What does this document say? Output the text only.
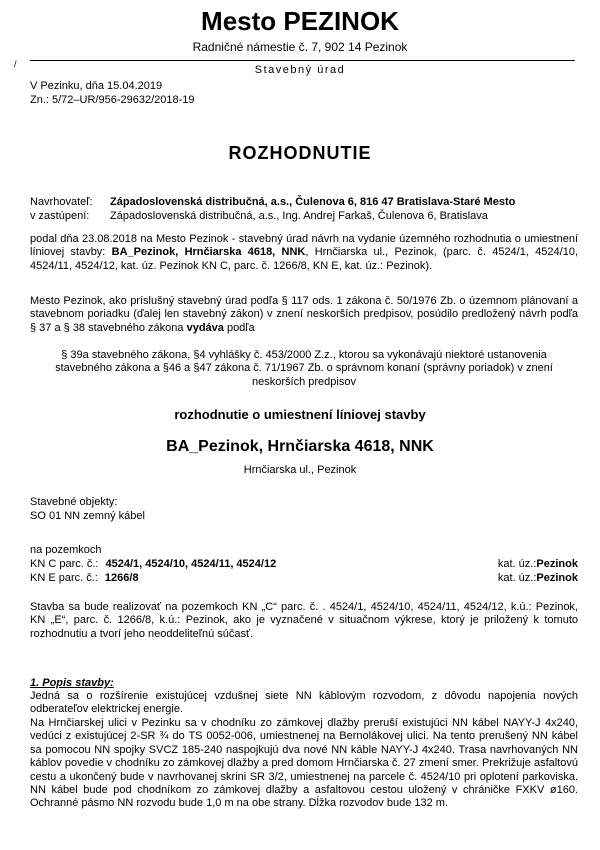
Mesto PEZINOK
Radničné námestie č. 7, 902 14 Pezinok
/	Stavebný úrad
V Pezinku, dňa 15.04.2019
Zn.: 5/72–UR/956-29632/2018-19
ROZHODNUTIE
Navrhovateľ: Západoslovenská distribučná, a.s., Čulenova 6, 816 47 Bratislava-Staré Mesto
v zastúpení: Západoslovenská distribučná, a.s., Ing. Andrej Farkaš, Čulenova 6, Bratislava
podal dňa 23.08.2018 na Mesto Pezinok - stavebný úrad návrh na vydanie územného rozhodnutia o umiestnení líniovej stavby: BA_Pezinok, Hrnčiarska 4618, NNK, Hrnčiarska ul., Pezinok, (parc. č. 4524/1, 4524/10, 4524/11, 4524/12, kat. úz. Pezinok KN C, parc. č. 1266/8, KN E, kat. úz.: Pezinok).
Mesto Pezinok, ako príslušný stavebný úrad podľa § 117 ods. 1 zákona č. 50/1976 Zb. o územnom plánovaní a stavebnom poriadku (ďalej len stavebný zákon) v znení neskorších predpisov, posúdilo predložený návrh podľa § 37 a § 38 stavebného zákona vydáva podľa
§ 39a stavebného zákona, §4 vyhlášky č. 453/2000 Z.z., ktorou sa vykonávajú niektoré ustanovenia stavebného zákona a §46 a §47 zákona č. 71/1967 Zb. o správnom konaní (správny poriadok) v znení neskorších predpisov
rozhodnutie o umiestnení líniovej stavby
BA_Pezinok, Hrnčiarska 4618, NNK
Hrnčiarska ul., Pezinok
Stavebné objekty:
SO 01 NN zemný kábel
na pozemkoch
KN C parc. č.: 4524/1, 4524/10, 4524/11, 4524/12	kat. úz.:Pezinok
KN E parc. č.: 1266/8	kat. úz.:Pezinok
Stavba sa bude realizovať na pozemkoch KN „C“ parc. č. . 4524/1, 4524/10, 4524/11, 4524/12, k.ú.: Pezinok, KN „E“, parc. č. 1266/8, k.ú.: Pezinok, ako je vyznačené v situačnom výkrese, ktorý je priložený k tomuto rozhodnutiu a tvorí jeho neoddeliteľnú súčasť.
1. Popis stavby:
Jedná sa o rozšírenie existujúcej vzdušnej siete NN káblovým rozvodom, z dôvodu napojenia nových odberateľov elektrickej energie.
Na Hrnčiarskej ulici v Pezinku sa v chodníku zo zámkovej dlažby preruší existujúci NN kábel NAYY-J 4x240, vedúci z existujúcej 2-SR ¾ do TS 0052-006, umiestnenej na Bernolákovej ulici. Na tento prerušený NN kábel sa pomocou NN spojky SVCZ 185-240 naspojkujú dva nové NN káble NAYY-J 4x240. Trasa navrhovaných NN káblov povedie v chodníku zo zámkovej dlažby a pred domom Hrnčiarska č. 27 zmení smer. Prekrižuje asfaltovú cestu a ukončený bude v navrhovanej skrini SR 3/2, umiestnenej na parcele č. 4524/10 pri oplotení parkoviska. NN kábel bude pod chodníkom zo zámkovej dlažby a asfaltovou cestou uložený v chráničke FXKV ø160. Ochranné pásmo NN rozvodu bude 1,0 m na obe strany. Dĺžka rozvodov bude 132 m.
